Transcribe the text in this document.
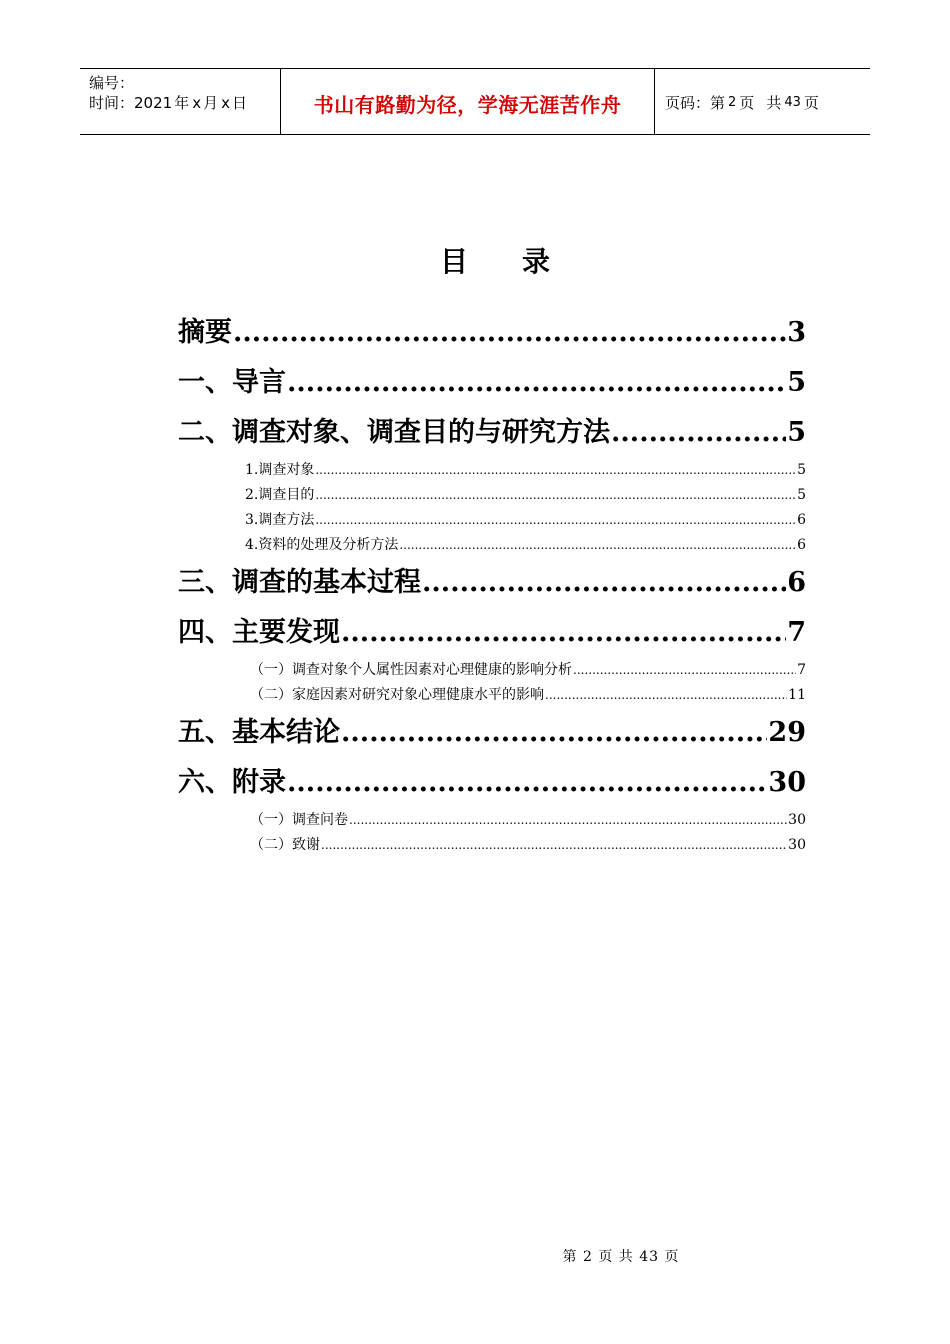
编号：
时间： 2021 年 x 月 x 日	书山有路勤为径，学海无涯苦作舟	页码：第 2 页 共 43 页
目 录
摘要 .....	3
一、导言 .....	5
二、调查对象、调查目的与研究方法 .....	5
1.调查对象 .....	5
2.调查目的 .....	5
3.调查方法 .....	6
4.资料的处理及分析方法 .....	6
三、调查的基本过程 .....	6
四、主要发现 .....	7
（一）调查对象个人属性因素对心理健康的影响分析 .....	7
（二）家庭因素对研究对象心理健康水平的影响 .....	11
五、基本结论 .....	29
六、附录 .....	30
（一）调查问卷 .....	30
（二）致谢 .....	30
第 2 页 共 43 页
